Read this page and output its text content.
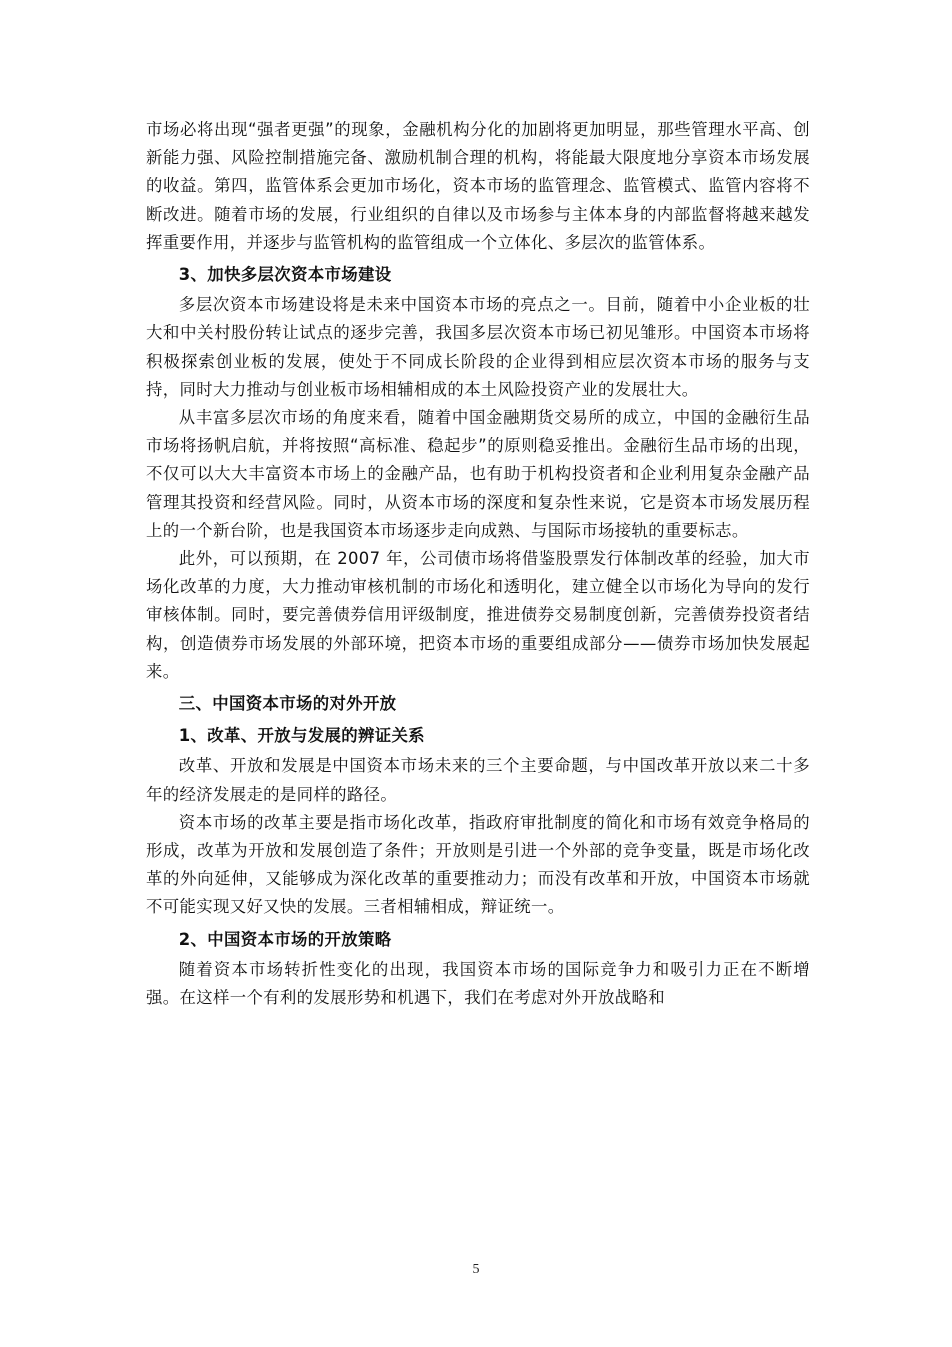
市场必将出现“强者更强”的现象，金融机构分化的加剧将更加明显，那些管理水平高、创新能力强、风险控制措施完备、激励机制合理的机构，将能最大限度地分享资本市场发展的收益。第四，监管体系会更加市场化，资本市场的监管理念、监管模式、监管内容将不断改进。随着市场的发展，行业组织的自律以及市场参与主体本身的内部监督将越来越发挥重要作用，并逐步与监管机构的监管组成一个立体化、多层次的监管体系。

3、加快多层次资本市场建设

多层次资本市场建设将是未来中国资本市场的亮点之一。目前，随着中小企业板的壮大和中关村股份转让试点的逐步完善，我国多层次资本市场已初见雏形。中国资本市场将积极探索创业板的发展，使处于不同成长阶段的企业得到相应层次资本市场的服务与支持，同时大力推动与创业板市场相辅相成的本土风险投资产业的发展壮大。

从丰富多层次市场的角度来看，随着中国金融期货交易所的成立，中国的金融衍生品市场将扬帆启航，并将按照“高标准、稳起步”的原则稳妥推出。金融衍生品市场的出现，不仅可以大大丰富资本市场上的金融产品，也有助于机构投资者和企业利用复杂金融产品管理其投资和经营风险。同时，从资本市场的深度和复杂性来说，它是资本市场发展历程上的一个新台阶，也是我国资本市场逐步走向成熟、与国际市场接轨的重要标志。

此外，可以预期，在 2007 年，公司债市场将借鉴股票发行体制改革的经验，加大市场化改革的力度，大力推动审核机制的市场化和透明化，建立健全以市场化为导向的发行审核体制。同时，要完善债券信用评级制度，推进债券交易制度创新，完善债券投资者结构，创造债券市场发展的外部环境，把资本市场的重要组成部分——债券市场加快发展起来。

三、中国资本市场的对外开放

1、改革、开放与发展的辨证关系

改革、开放和发展是中国资本市场未来的三个主要命题，与中国改革开放以来二十多年的经济发展走的是同样的路径。

资本市场的改革主要是指市场化改革，指政府审批制度的简化和市场有效竞争格局的形成，改革为开放和发展创造了条件；开放则是引进一个外部的竞争变量，既是市场化改革的外向延伸，又能够成为深化改革的重要推动力；而没有改革和开放，中国资本市场就不可能实现又好又快的发展。三者相辅相成，辩证统一。

2、中国资本市场的开放策略

随着资本市场转折性变化的出现，我国资本市场的国际竞争力和吸引力正在不断增强。在这样一个有利的发展形势和机遇下，我们在考虑对外开放战略和

5
